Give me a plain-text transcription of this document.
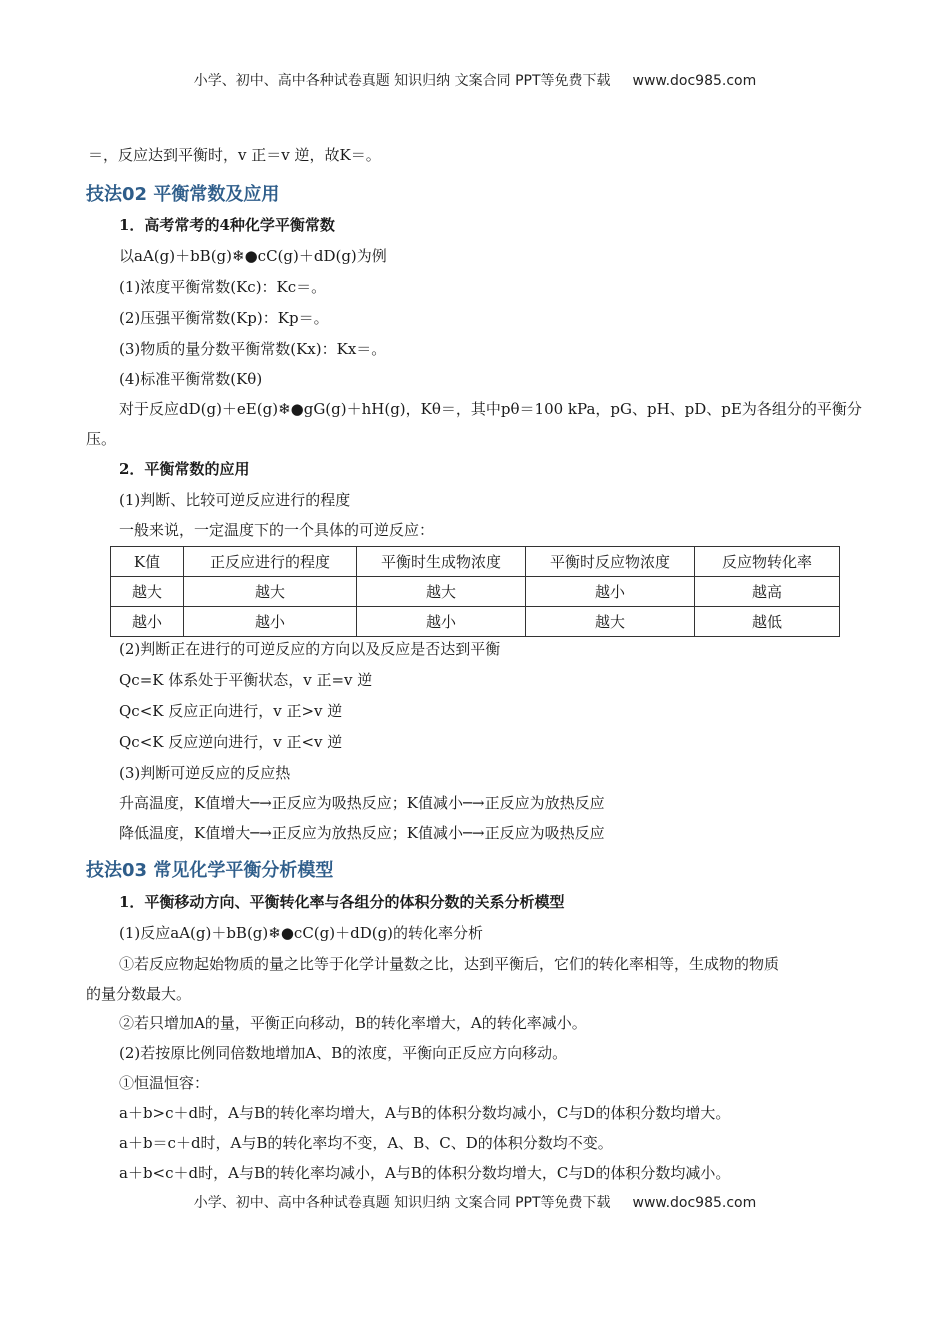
小学、初中、高中各种试卷真题 知识归纳 文案合同 PPT等免费下载 www.doc985.com
＝，反应达到平衡时，v 正＝v 逆，故K＝。
技法02 平衡常数及应用
1．高考常考的4种化学平衡常数
以aA(g)＋bB(g)❄●cC(g)＋dD(g)为例
(1)浓度平衡常数(Kc)：Kc＝。
(2)压强平衡常数(Kp)：Kp＝。
(3)物质的量分数平衡常数(Kx)：Kx＝。
(4)标准平衡常数(Kθ)
对于反应dD(g)＋eE(g)❄●gG(g)＋hH(g)，Kθ＝，其中pθ＝100 kPa，pG、pH、pD、pE为各组分的平衡分
压。
2．平衡常数的应用
(1)判断、比较可逆反应进行的程度
一般来说，一定温度下的一个具体的可逆反应：
K值	正反应进行的程度	平衡时生成物浓度	平衡时反应物浓度	反应物转化率
越大	越大	越大	越小	越高
越小	越小	越小	越大	越低
(2)判断正在进行的可逆反应的方向以及反应是否达到平衡
Qc=K 体系处于平衡状态，v 正=v 逆
Qc<K 反应正向进行，v 正>v 逆
Qc<K 反应逆向进行，v 正<v 逆
(3)判断可逆反应的反应热
升高温度，K值增大─→正反应为吸热反应；K值减小─→正反应为放热反应
降低温度，K值增大─→正反应为放热反应；K值减小─→正反应为吸热反应
技法03 常见化学平衡分析模型
1．平衡移动方向、平衡转化率与各组分的体积分数的关系分析模型
(1)反应aA(g)＋bB(g)❄●cC(g)＋dD(g)的转化率分析
①若反应物起始物质的量之比等于化学计量数之比，达到平衡后，它们的转化率相等，生成物的物质
的量分数最大。
②若只增加A的量，平衡正向移动，B的转化率增大，A的转化率减小。
(2)若按原比例同倍数地增加A、B的浓度，平衡向正反应方向移动。
①恒温恒容：
a＋b>c＋d时，A与B的转化率均增大，A与B的体积分数均减小，C与D的体积分数均增大。
a＋b＝c＋d时，A与B的转化率均不变，A、B、C、D的体积分数均不变。
a＋b<c＋d时，A与B的转化率均减小，A与B的体积分数均增大，C与D的体积分数均减小。
小学、初中、高中各种试卷真题 知识归纳 文案合同 PPT等免费下载 www.doc985.com
